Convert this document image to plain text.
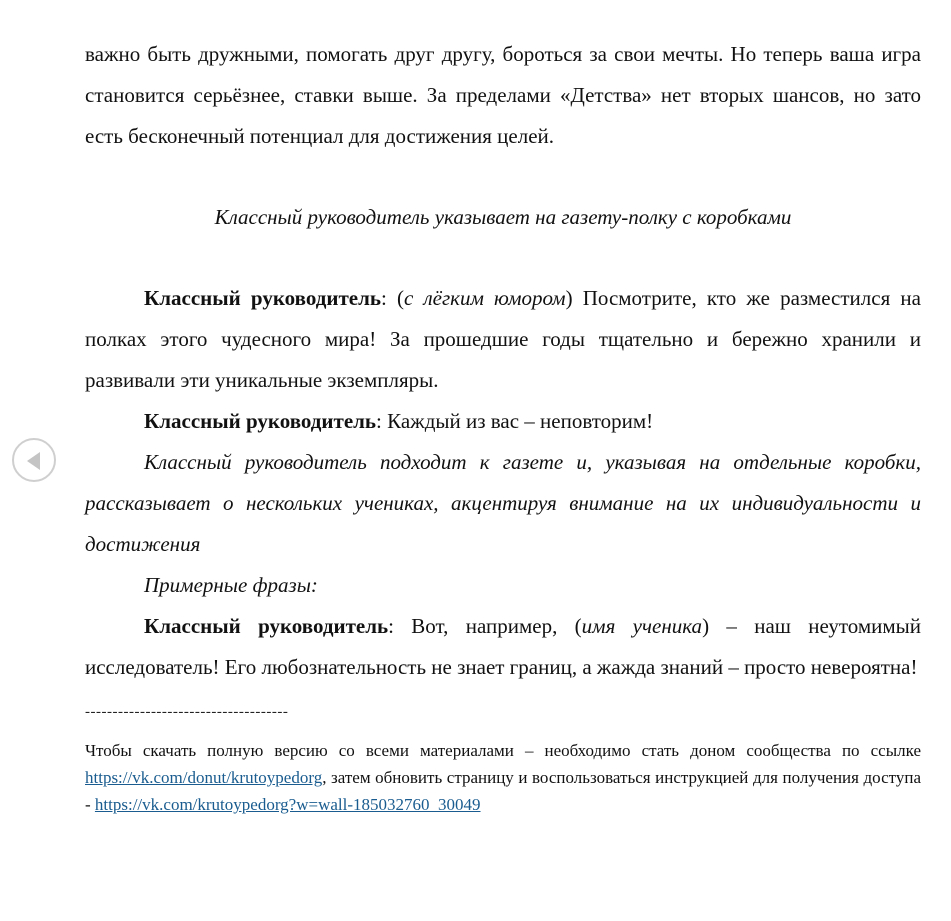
важно быть дружными, помогать друг другу, бороться за свои мечты. Но теперь ваша игра становится серьёзнее, ставки выше. За пределами «Детства» нет вторых шансов, но зато есть бесконечный потенциал для достижения целей.

Классный руководитель указывает на газету-полку с коробками

Классный руководитель: (с лёгким юмором) Посмотрите, кто же разместился на полках этого чудесного мира! За прошедшие годы тщательно и бережно хранили и развивали эти уникальные экземпляры.

Классный руководитель: Каждый из вас – неповторим!

Классный руководитель подходит к газете и, указывая на отдельные коробки, рассказывает о нескольких учениках, акцентируя внимание на их индивидуальности и достижения

Примерные фразы:

Классный руководитель: Вот, например, (имя ученика) – наш неутомимый исследователь! Его любознательность не знает границ, а жажда знаний – просто невероятна!

-------------------------------------

Чтобы скачать полную версию со всеми материалами – необходимо стать доном сообщества по ссылке https://vk.com/donut/krutoypedorg, затем обновить страницу и воспользоваться инструкцией для получения доступа - https://vk.com/krutoypedorg?w=wall-185032760_30049
